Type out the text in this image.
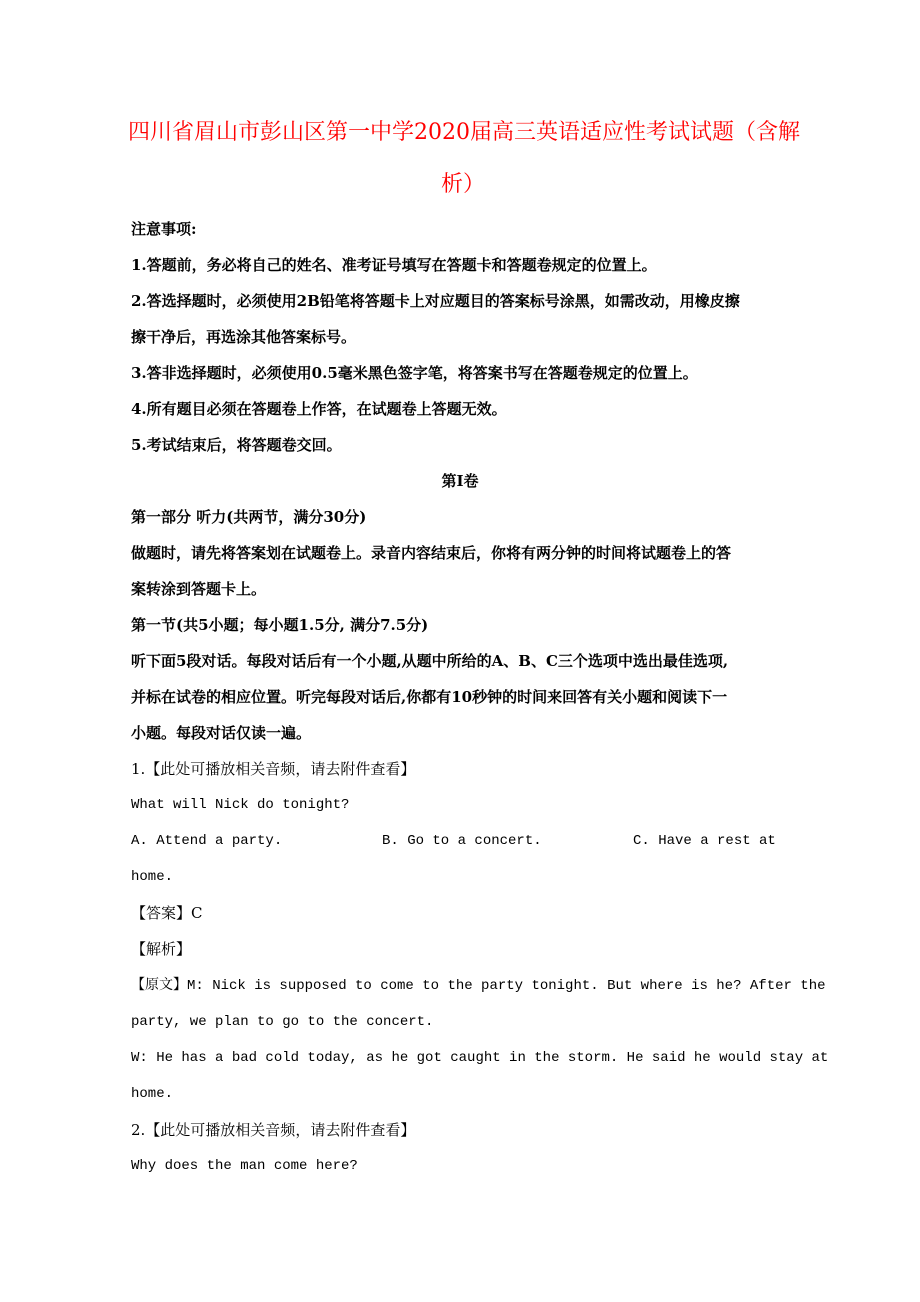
四川省眉山市彭山区第一中学2020届高三英语适应性考试试题（含解
析）
注意事项:
1.答题前，务必将自己的姓名、准考证号填写在答题卡和答题卷规定的位置上。
2.答选择题时，必须使用2B铅笔将答题卡上对应题目的答案标号涂黑，如需改动，用橡皮擦
擦干净后，再选涂其他答案标号。
3.答非选择题时，必须使用0.5毫米黑色签字笔，将答案书写在答题卷规定的位置上。
4.所有题目必须在答题卷上作答，在试题卷上答题无效。
5.考试结束后，将答题卷交回。
第Ⅰ卷
第一部分 听力(共两节，满分30分)
做题时，请先将答案划在试题卷上。录音内容结束后，你将有两分钟的时间将试题卷上的答
案转涂到答题卡上。
第一节(共5小题；每小题1.5分, 满分7.5分)
听下面5段对话。每段对话后有一个小题,从题中所给的A、B、C三个选项中选出最佳选项,
并标在试卷的相应位置。听完每段对话后,你都有10秒钟的时间来回答有关小题和阅读下一
小题。每段对话仅读一遍。
1.【此处可播放相关音频，请去附件查看】
What will Nick do tonight?
A. Attend a party.	B. Go to a concert.	C. Have a rest at
home.
【答案】C
【解析】
【原文】M: Nick is supposed to come to the party tonight. But where is he? After the
party, we plan to go to the concert.
W: He has a bad cold today, as he got caught in the storm. He said he would stay at
home.
2.【此处可播放相关音频，请去附件查看】
Why does the man come here?
